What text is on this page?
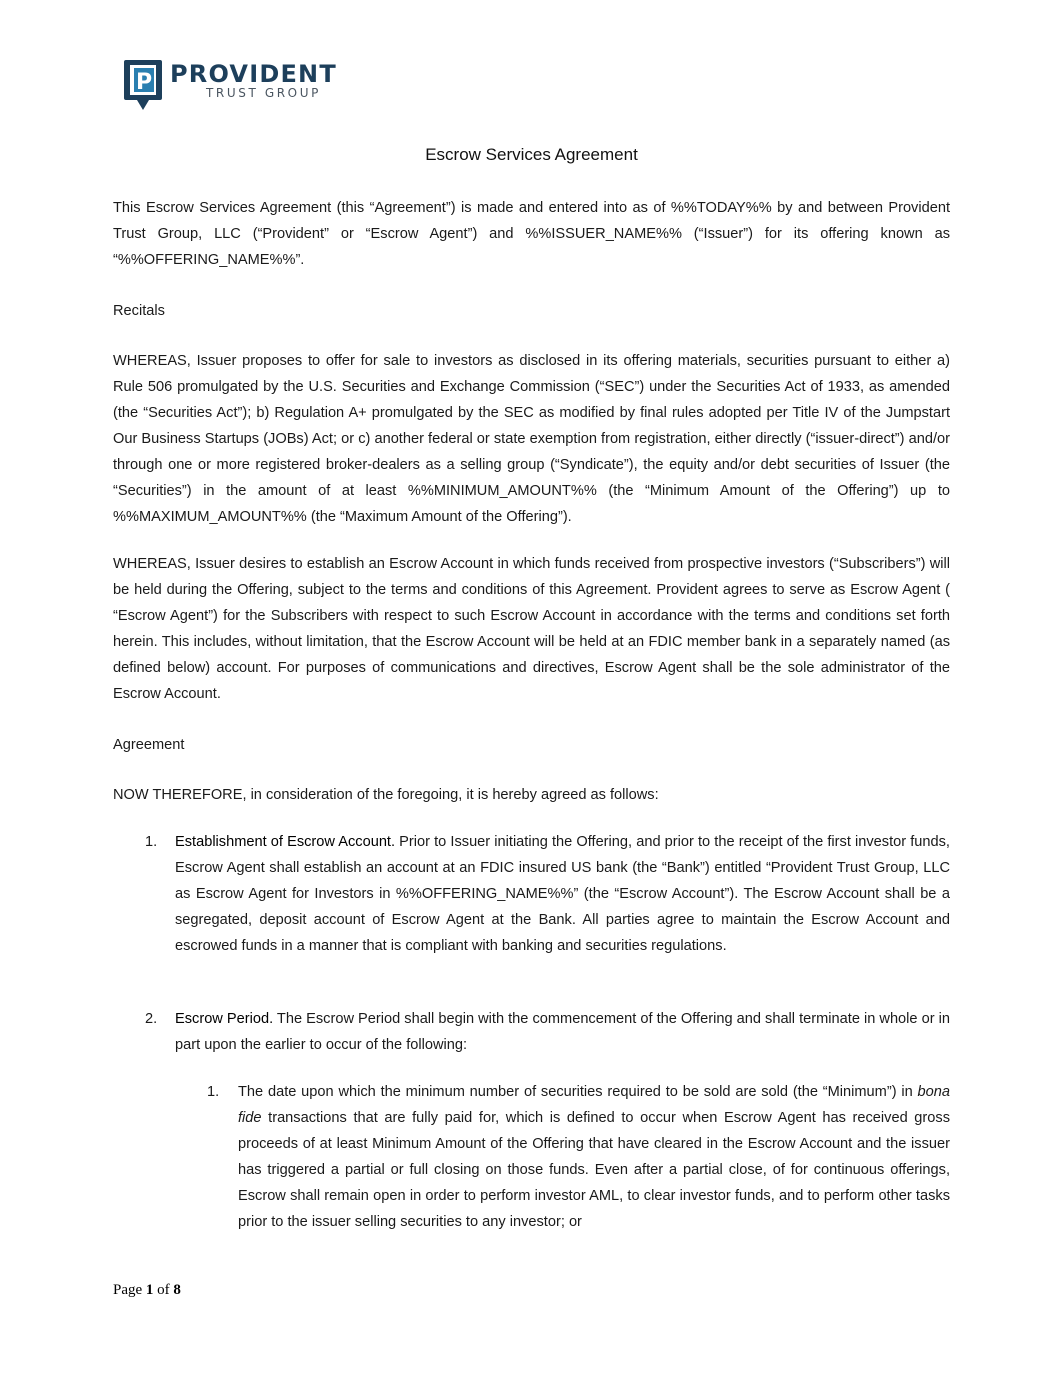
P PROVIDENT
TRUST GROUP
Escrow Services Agreement

This Escrow Services Agreement (this “Agreement”) is made and entered into as of %%TODAY%% by and between Provident Trust Group, LLC (“Provident” or “Escrow Agent”) and %%ISSUER_NAME%% (“Issuer”) for its offering known as “%%OFFERING_NAME%%”.

Recitals

WHEREAS, Issuer proposes to offer for sale to investors as disclosed in its offering materials, securities pursuant to either a) Rule 506 promulgated by the U.S. Securities and Exchange Commission (“SEC”) under the Securities Act of 1933, as amended (the “Securities Act”); b) Regulation A+ promulgated by the SEC as modified by final rules adopted per Title IV of the Jumpstart Our Business Startups (JOBs) Act; or c) another federal or state exemption from registration, either directly (“issuer-direct”) and/or through one or more registered broker-dealers as a selling group (“Syndicate”), the equity and/or debt securities of Issuer (the “Securities”) in the amount of at least %%MINIMUM_AMOUNT%% (the “Minimum Amount of the Offering”) up to %%MAXIMUM_AMOUNT%% (the “Maximum Amount of the Offering”).

WHEREAS, Issuer desires to establish an Escrow Account in which funds received from prospective investors (“Subscribers”) will be held during the Offering, subject to the terms and conditions of this Agreement. Provident agrees to serve as Escrow Agent ( “Escrow Agent”) for the Subscribers with respect to such Escrow Account in accordance with the terms and conditions set forth herein. This includes, without limitation, that the Escrow Account will be held at an FDIC member bank in a separately named (as defined below) account. For purposes of communications and directives, Escrow Agent shall be the sole administrator of the Escrow Account.

Agreement

NOW THEREFORE, in consideration of the foregoing, it is hereby agreed as follows:

1.	Establishment of Escrow Account. Prior to Issuer initiating the Offering, and prior to the receipt of the first investor funds, Escrow Agent shall establish an account at an FDIC insured US bank (the “Bank”) entitled “Provident Trust Group, LLC as Escrow Agent for Investors in %%OFFERING_NAME%%” (the “Escrow Account”). The Escrow Account shall be a segregated, deposit account of Escrow Agent at the Bank. All parties agree to maintain the Escrow Account and escrowed funds in a manner that is compliant with banking and securities regulations.
2.	Escrow Period. The Escrow Period shall begin with the commencement of the Offering and shall terminate in whole or in part upon the earlier to occur of the following:
1.	The date upon which the minimum number of securities required to be sold are sold (the “Minimum”) in bona fide transactions that are fully paid for, which is defined to occur when Escrow Agent has received gross proceeds of at least Minimum Amount of the Offering that have cleared in the Escrow Account and the issuer has triggered a partial or full closing on those funds. Even after a partial close, of for continuous offerings, Escrow shall remain open in order to perform investor AML, to clear investor funds, and to perform other tasks prior to the issuer selling securities to any investor; or
Page 1 of 8
